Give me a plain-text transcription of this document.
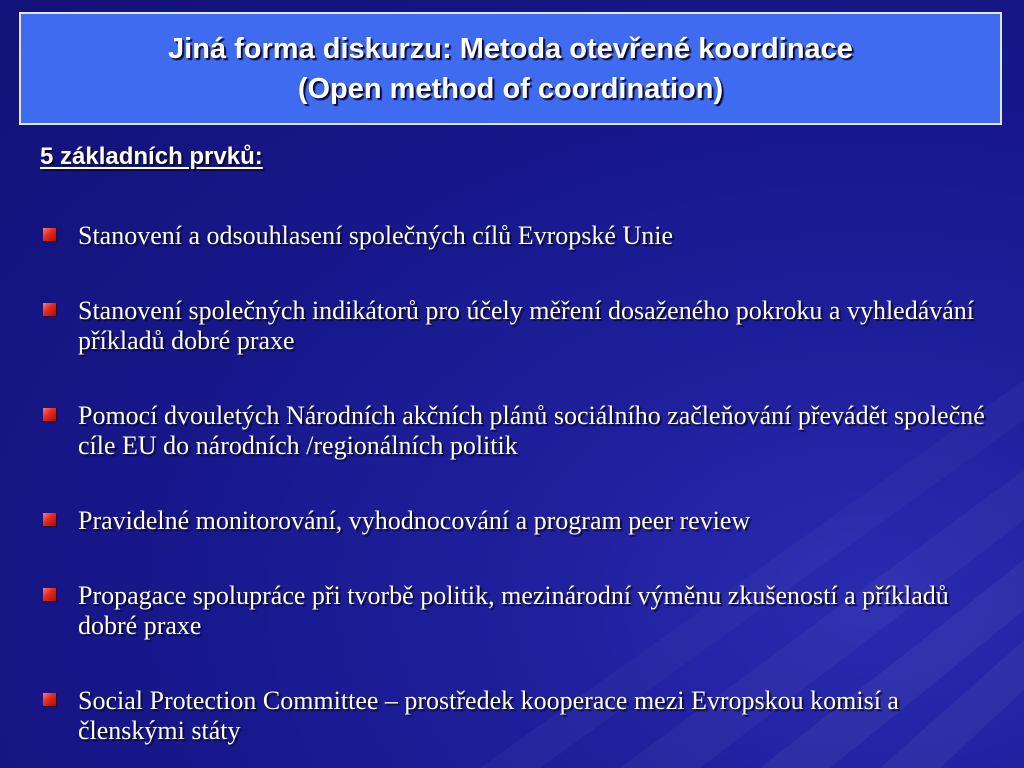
Jiná forma diskurzu: Metoda otevřené koordinace
(Open method of coordination)
5 základních prvků:
Stanovení a odsouhlasení společných cílů Evropské Unie
Stanovení společných indikátorů pro účely měření dosaženého pokroku a vyhledávání příkladů dobré praxe
Pomocí dvouletých Národních akčních plánů sociálního začleňování převádět společné cíle EU do národních /regionálních politik
Pravidelné monitorování, vyhodnocování a program peer review
Propagace spolupráce při tvorbě politik, mezinárodní výměnu zkušeností a příkladů dobré praxe
Social Protection Committee – prostředek kooperace mezi Evropskou komisí a členskými státy
